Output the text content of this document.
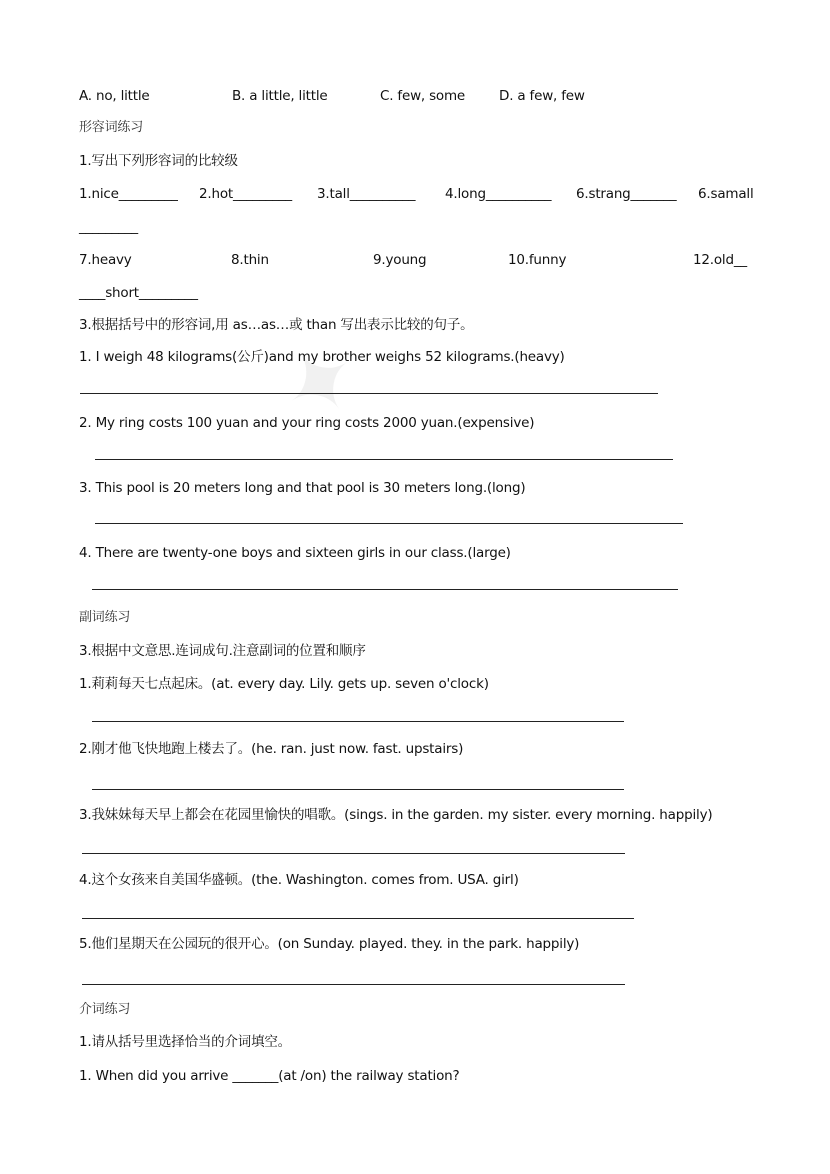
✦
A. no, little	B. a little, little	C. few, some	D. a few, few
形容词练习
1.写出下列形容词的比较级
1.nice_________ 2.hot_________ 3.tall__________ 4.long__________ 6.strang_______ 6.samall
_________
7.heavy	8.thin	9.young	10.funny	12.old__
____short_________
3.根据括号中的形容词,用 as…as…或 than 写出表示比较的句子。
1. I weigh 48 kilograms(公斤)and my brother weighs 52 kilograms.(heavy)
2. My ring costs 100 yuan and your ring costs 2000 yuan.(expensive)
3. This pool is 20 meters long and that pool is 30 meters long.(long)
4. There are twenty-one boys and sixteen girls in our class.(large)
副词练习
3.根据中文意思.连词成句.注意副词的位置和顺序
1.莉莉每天七点起床。(at. every day. Lily. gets up. seven o'clock)
2.刚才他飞快地跑上楼去了。(he. ran. just now. fast. upstairs)
3.我妹妹每天早上都会在花园里愉快的唱歌。(sings. in the garden. my sister. every morning. happily)
4.这个女孩来自美国华盛顿。(the. Washington. comes from. USA. girl)
5.他们星期天在公园玩的很开心。(on Sunday. played. they. in the park. happily)
介词练习
1.请从括号里选择恰当的介词填空。
1. When did you arrive _______(at /on) the railway station?
